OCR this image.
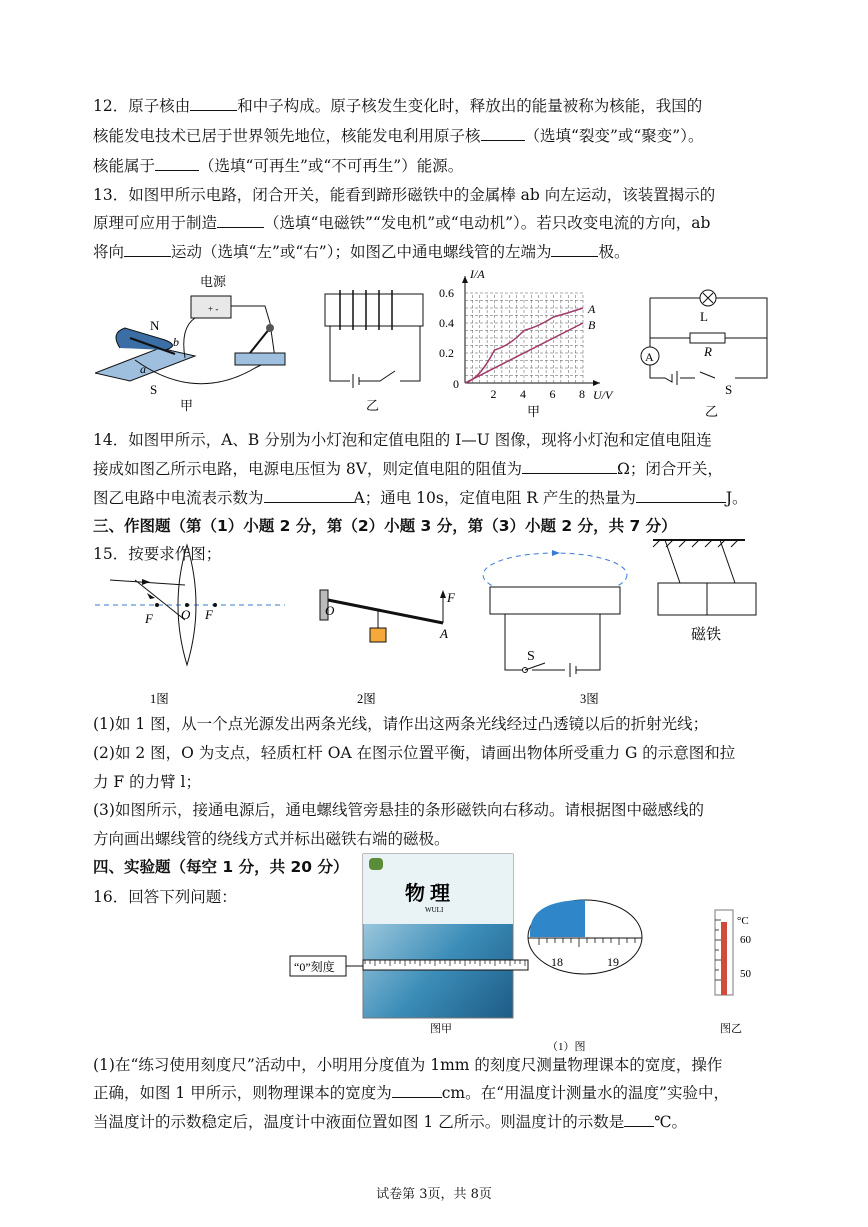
12．原子核由	和中子构成。原子核发生变化时，释放出的能量被称为核能，我国的
核能发电技术已居于世界领先地位，核能发电利用原子核	（选填“裂变”或“聚变”）。
核能属于	（选填“可再生”或“不可再生”）能源。
13．如图甲所示电路，闭合开关，能看到蹄形磁铁中的金属棒 ab 向左运动，该装置揭示的
原理可应用于制造	（选填“电磁铁”“发电机”或“电动机”）。若只改变电流的方向，ab
将向	运动（选填“左”或“右”）；如图乙中通电螺线管的左端为	极。
+ -
电源
N
S
a
b
甲	乙
2 4 6 8
0
0.2
0.4
0.6
I/A
U/V
A
B
甲
L
R
A
S
乙
14．如图甲所示，A、B 分别为小灯泡和定值电阻的 I—U 图像，现将小灯泡和定值电阻连
接成如图乙所示电路，电源电压恒为 8V，则定值电阻的阻值为	Ω；闭合开关，
图乙电路中电流表示数为	A；通电 10s，定值电阻 R 产生的热量为	J。
三、作图题（第（1）小题 2 分，第（2）小题 3 分，第（3）小题 2 分，共 7 分）
15．按要求作图；
F O F
1图
O
A
F
2图
S
3图
磁铁
(1)如 1 图，从一个点光源发出两条光线，请作出这两条光线经过凸透镜以后的折射光线；
(2)如 2 图，O 为支点，轻质杠杆 OA 在图示位置平衡，请画出物体所受重力 G 的示意图和拉
力 F 的力臂 l；
(3)如图所示，接通电源后，通电螺线管旁悬挂的条形磁铁向右移动。请根据图中磁感线的
方向画出螺线管的绕线方式并标出磁铁右端的磁极。
四、实验题（每空 1 分，共 20 分）
16．回答下列问题：	物 理
WULI
“0”刻度
图甲
18	19
（1）图
°C
60
50
图乙
(1)在“练习使用刻度尺”活动中，小明用分度值为 1mm 的刻度尺测量物理课本的宽度，操作
正确，如图 1 甲所示，则物理课本的宽度为	cm。在“用温度计测量水的温度”实验中，
当温度计的示数稳定后，温度计中液面位置如图 1 乙所示。则温度计的示数是 ℃。
试卷第 3页，共 8页
